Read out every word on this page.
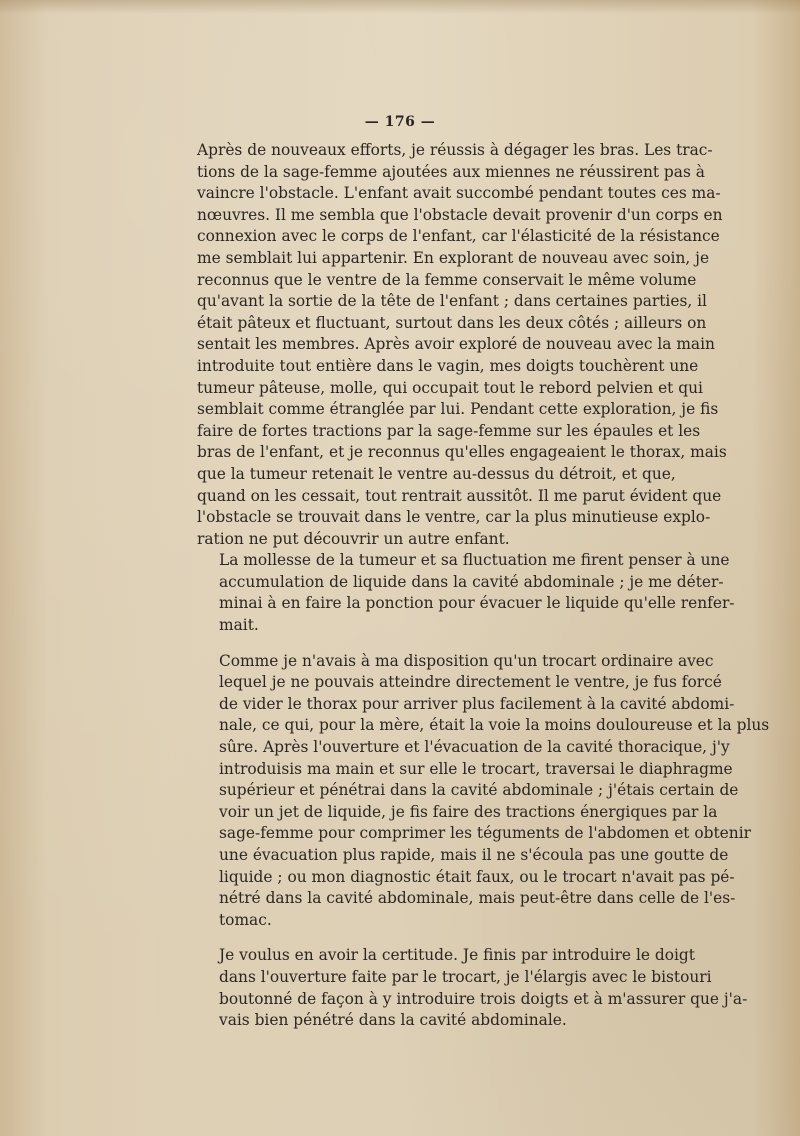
— 176 —
Après de nouveaux efforts, je réussis à dégager les bras. Les trac-
tions de la sage-femme ajoutées aux miennes ne réussirent pas à
vaincre l'obstacle. L'enfant avait succombé pendant toutes ces ma-
nœuvres. Il me sembla que l'obstacle devait provenir d'un corps en
connexion avec le corps de l'enfant, car l'élasticité de la résistance
me semblait lui appartenir. En explorant de nouveau avec soin, je
reconnus que le ventre de la femme conservait le même volume
qu'avant la sortie de la tête de l'enfant ; dans certaines parties, il
était pâteux et fluctuant, surtout dans les deux côtés ; ailleurs on
sentait les membres. Après avoir exploré de nouveau avec la main
introduite tout entière dans le vagin, mes doigts touchèrent une
tumeur pâteuse, molle, qui occupait tout le rebord pelvien et qui
semblait comme étranglée par lui. Pendant cette exploration, je fis
faire de fortes tractions par la sage-femme sur les épaules et les
bras de l'enfant, et je reconnus qu'elles engageaient le thorax, mais
que la tumeur retenait le ventre au-dessus du détroit, et que,
quand on les cessait, tout rentrait aussitôt. Il me parut évident que
l'obstacle se trouvait dans le ventre, car la plus minutieuse explo-
ration ne put découvrir un autre enfant.
La mollesse de la tumeur et sa fluctuation me firent penser à une
accumulation de liquide dans la cavité abdominale ; je me déter-
minai à en faire la ponction pour évacuer le liquide qu'elle renfer-
mait.
Comme je n'avais à ma disposition qu'un trocart ordinaire avec
lequel je ne pouvais atteindre directement le ventre, je fus forcé
de vider le thorax pour arriver plus facilement à la cavité abdomi-
nale, ce qui, pour la mère, était la voie la moins douloureuse et la plus
sûre. Après l'ouverture et l'évacuation de la cavité thoracique, j'y
introduisis ma main et sur elle le trocart, traversai le diaphragme
supérieur et pénétrai dans la cavité abdominale ; j'étais certain de
voir un jet de liquide, je fis faire des tractions énergiques par la
sage-femme pour comprimer les téguments de l'abdomen et obtenir
une évacuation plus rapide, mais il ne s'écoula pas une goutte de
liquide ; ou mon diagnostic était faux, ou le trocart n'avait pas pé-
nétré dans la cavité abdominale, mais peut-être dans celle de l'es-
tomac.
Je voulus en avoir la certitude. Je finis par introduire le doigt
dans l'ouverture faite par le trocart, je l'élargis avec le bistouri
boutonné de façon à y introduire trois doigts et à m'assurer que j'a-
vais bien pénétré dans la cavité abdominale.
